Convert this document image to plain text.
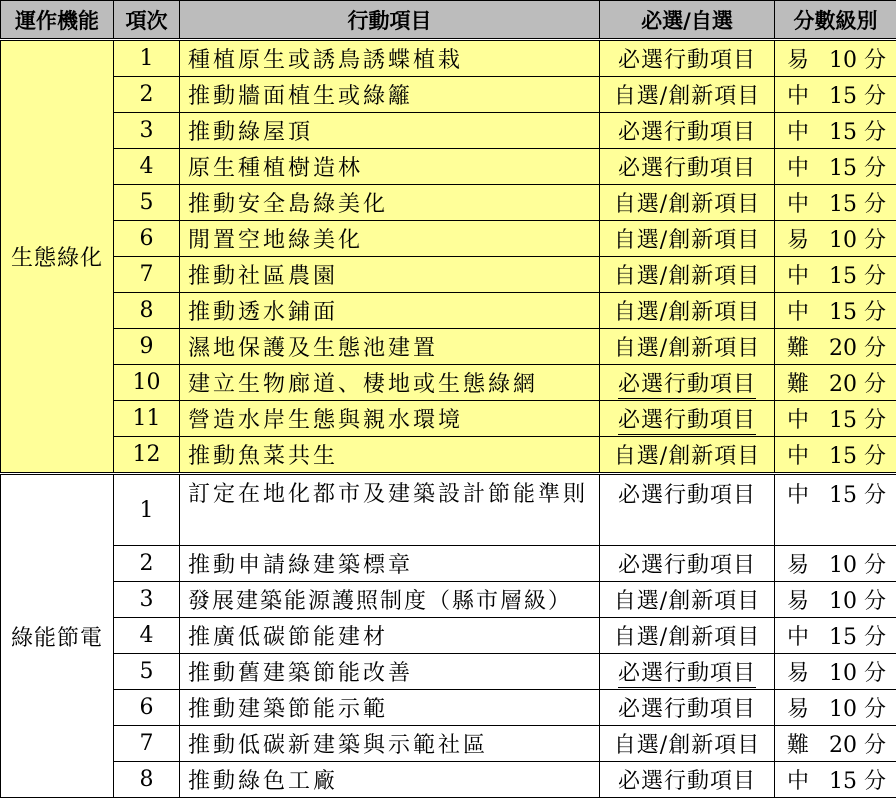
運作機能	項次	行動項目	必選/自選	分數級別
生態綠化	1	種植原生或誘鳥誘蝶植栽	必選行動項目	易 10 分
	2	推動牆面植生或綠籬	自選/創新項目	中 15 分
	3	推動綠屋頂	必選行動項目	中 15 分
	4	原生種植樹造林	必選行動項目	中 15 分
	5	推動安全島綠美化	自選/創新項目	中 15 分
	6	閒置空地綠美化	自選/創新項目	易 10 分
	7	推動社區農園	自選/創新項目	中 15 分
	8	推動透水鋪面	自選/創新項目	中 15 分
	9	濕地保護及生態池建置	自選/創新項目	難 20 分
	10	建立生物廊道、棲地或生態綠網	必選行動項目	難 20 分
	11	營造水岸生態與親水環境	必選行動項目	中 15 分
	12	推動魚菜共生	自選/創新項目	中 15 分
綠能節電	1	訂定在地化都市及建築設計節能準則	必選行動項目	中 15 分
	2	推動申請綠建築標章	必選行動項目	易 10 分
	3	發展建築能源護照制度（縣市層級）	自選/創新項目	易 10 分
	4	推廣低碳節能建材	自選/創新項目	中 15 分
	5	推動舊建築節能改善	必選行動項目	易 10 分
	6	推動建築節能示範	必選行動項目	易 10 分
	7	推動低碳新建築與示範社區	自選/創新項目	難 20 分
	8	推動綠色工廠	必選行動項目	中 15 分
